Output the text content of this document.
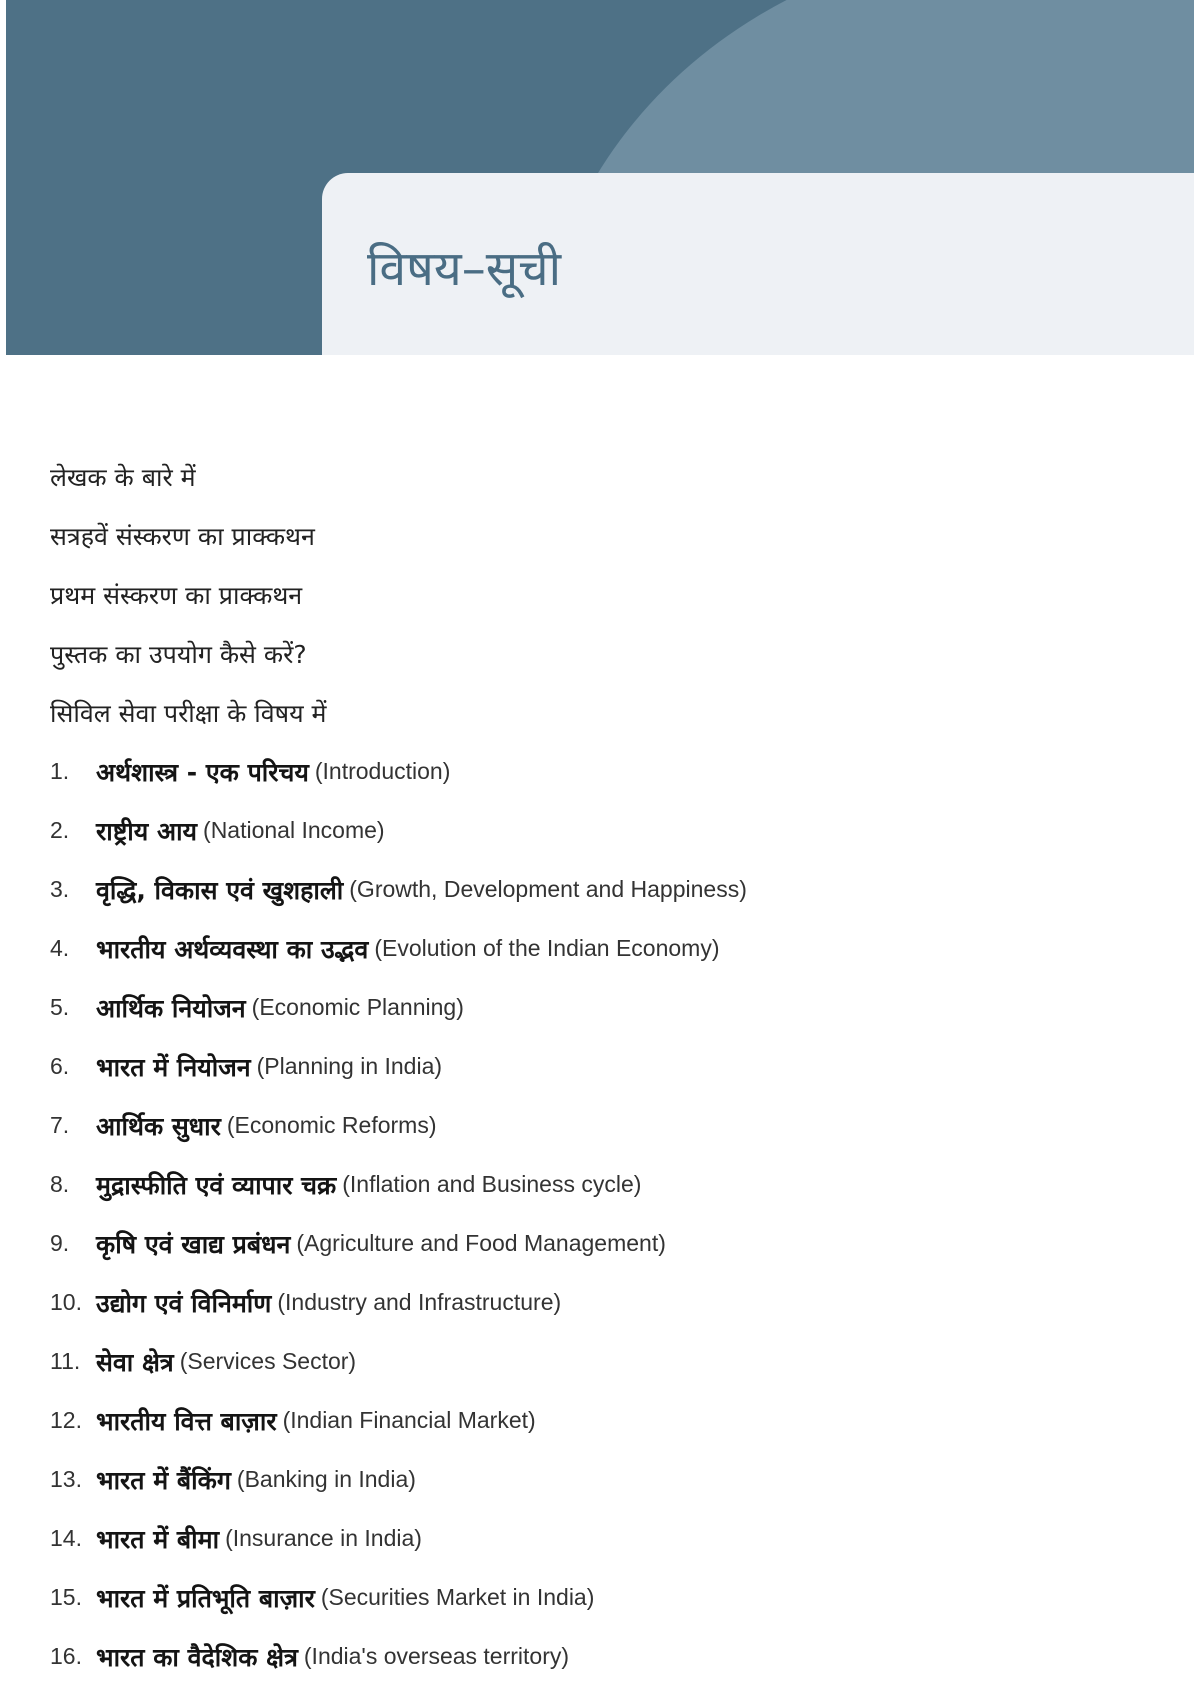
विषय–सूची
लेखक के बारे में
सत्रहवें संस्करण का प्राक्कथन
प्रथम संस्करण का प्राक्कथन
पुस्तक का उपयोग कैसे करें?
सिविल सेवा परीक्षा के विषय में
1.	अर्थशास्त्र - एक परिचय (Introduction)
2.	राष्ट्रीय आय (National Income)
3.	वृद्धि, विकास एवं खुशहाली (Growth, Development and Happiness)
4.	भारतीय अर्थव्यवस्था का उद्भव (Evolution of the Indian Economy)
5.	आर्थिक नियोजन (Economic Planning)
6.	भारत में नियोजन (Planning in India)
7.	आर्थिक सुधार (Economic Reforms)
8.	मुद्रास्फीति एवं व्यापार चक्र (Inflation and Business cycle)
9.	कृषि एवं खाद्य प्रबंधन (Agriculture and Food Management)
10. उद्योग एवं विनिर्माण (Industry and Infrastructure)
11. सेवा क्षेत्र (Services Sector)
12. भारतीय वित्त बाज़ार (Indian Financial Market)
13. भारत में बैंकिंग (Banking in India)
14. भारत में बीमा (Insurance in India)
15. भारत में प्रतिभूति बाज़ार (Securities Market in India)
16. भारत का वैदेशिक क्षेत्र (India's overseas territory)
